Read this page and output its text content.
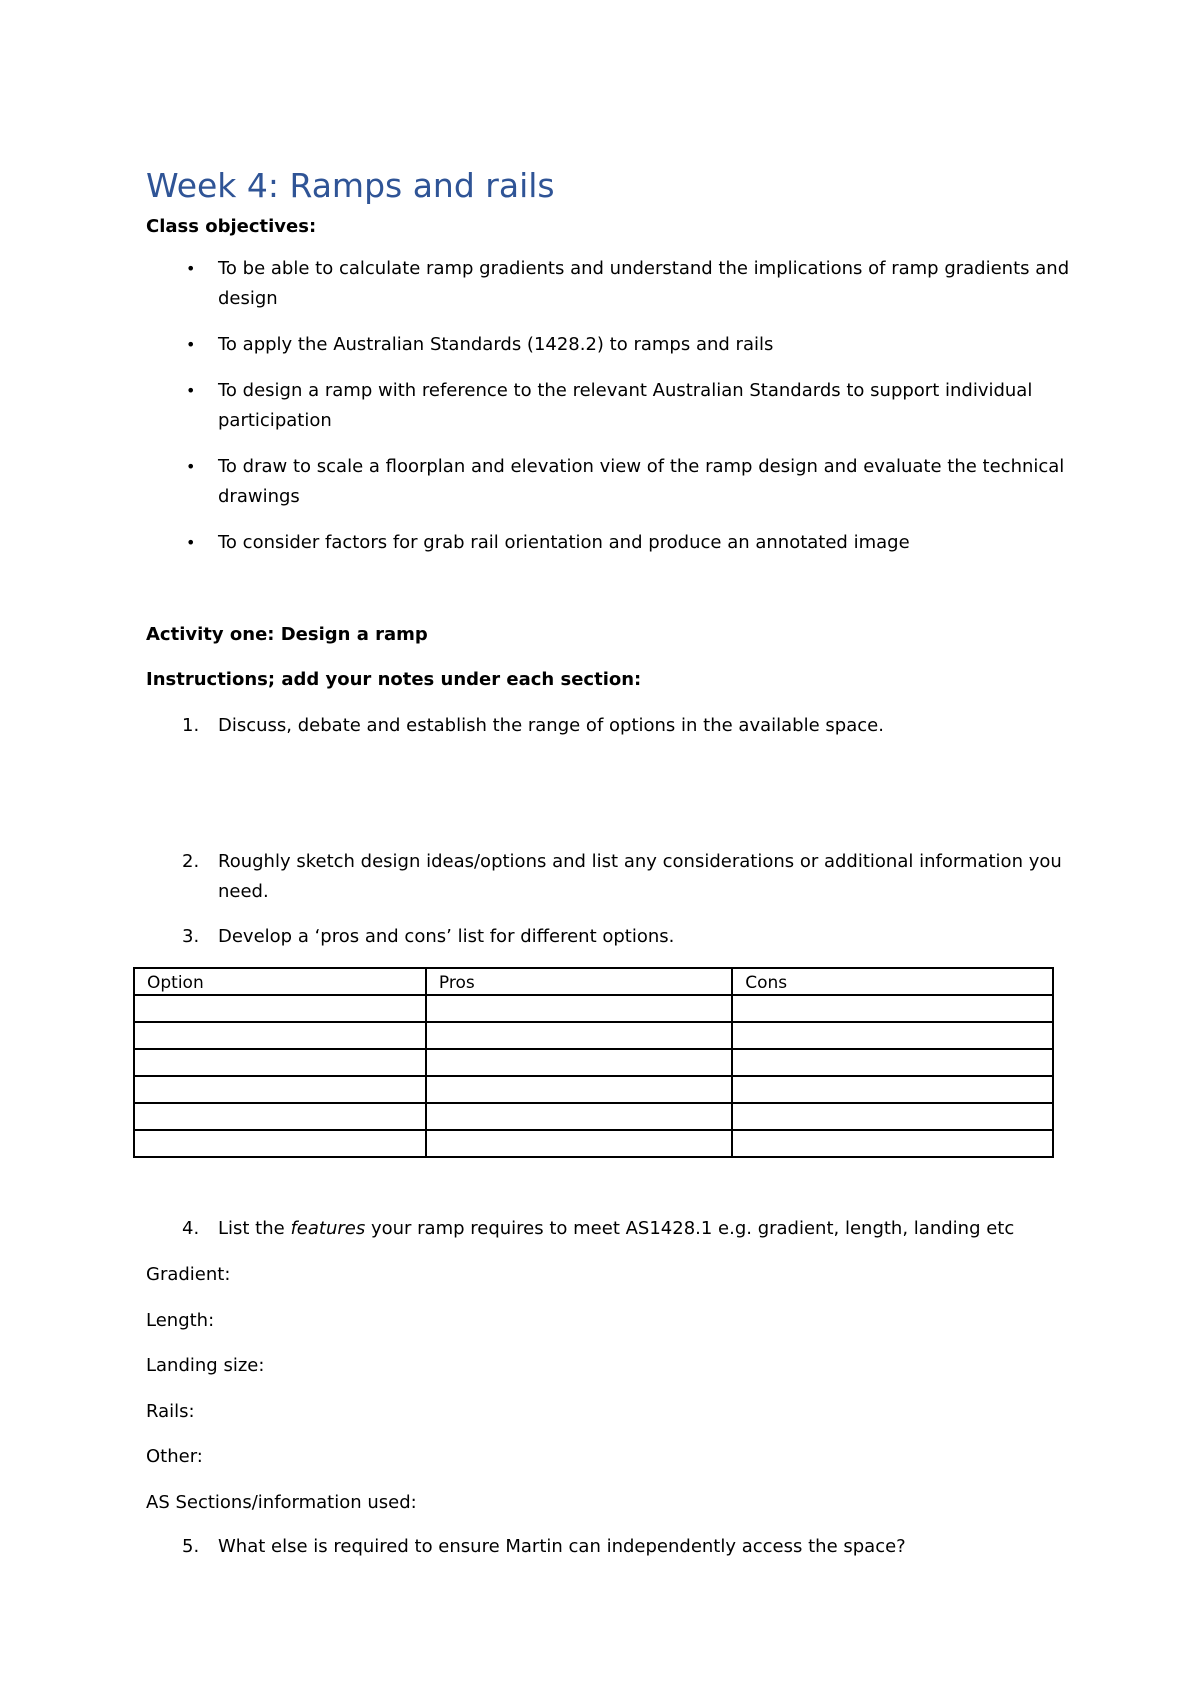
Week 4: Ramps and rails
Class objectives:
• To be able to calculate ramp gradients and understand the implications of ramp gradients and design
• To apply the Australian Standards (1428.2) to ramps and rails
• To design a ramp with reference to the relevant Australian Standards to support individual participation
• To draw to scale a floorplan and elevation view of the ramp design and evaluate the technical drawings
• To consider factors for grab rail orientation and produce an annotated image
Activity one: Design a ramp
Instructions; add your notes under each section:
1. Discuss, debate and establish the range of options in the available space.
2. Roughly sketch design ideas/options and list any considerations or additional information you need.
3. Develop a ‘pros and cons’ list for different options.
Option	Pros	Cons

4. List the features your ramp requires to meet AS1428.1 e.g. gradient, length, landing etc
Gradient:
Length:
Landing size:
Rails:
Other:
AS Sections/information used:
5. What else is required to ensure Martin can independently access the space?
